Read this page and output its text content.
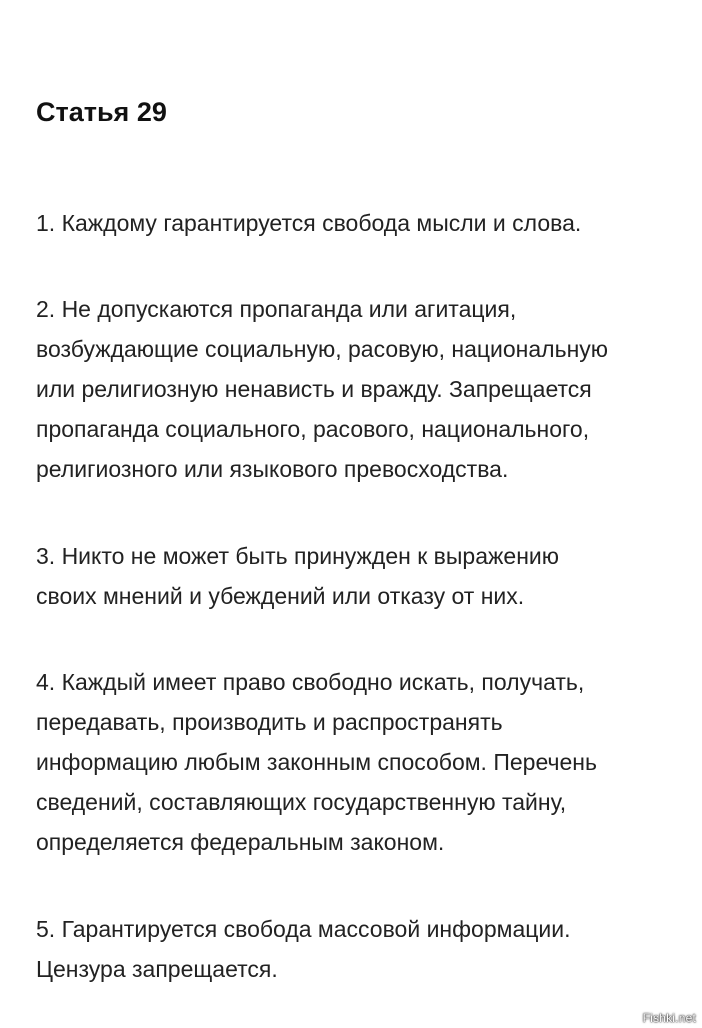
Статья 29

1. Каждому гарантируется свобода мысли и слова.

2. Не допускаются пропаганда или агитация,
возбуждающие социальную, расовую, национальную
или религиозную ненависть и вражду. Запрещается
пропаганда социального, расового, национального,
религиозного или языкового превосходства.

3. Никто не может быть принужден к выражению
своих мнений и убеждений или отказу от них.

4. Каждый имеет право свободно искать, получать,
передавать, производить и распространять
информацию любым законным способом. Перечень
сведений, составляющих государственную тайну,
определяется федеральным законом.

5. Гарантируется свобода массовой информации.
Цензура запрещается.

Fishki.net
